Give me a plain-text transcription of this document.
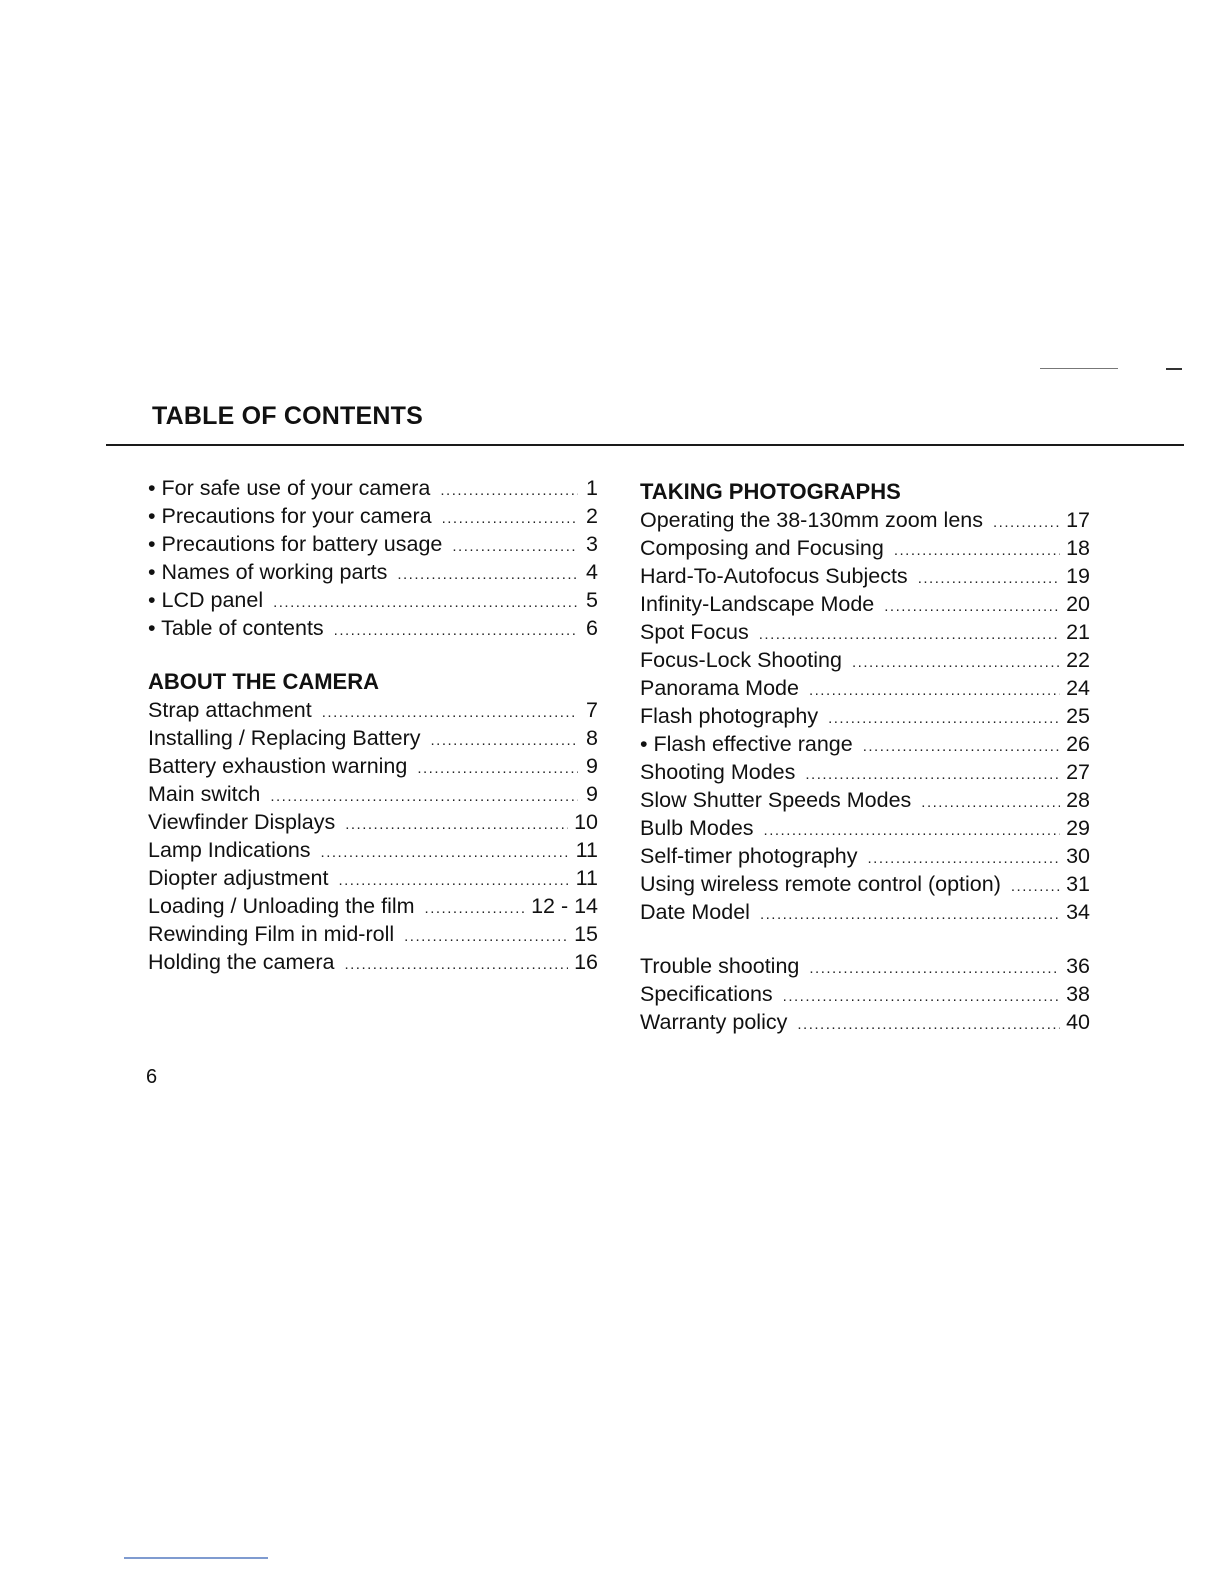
TABLE OF CONTENTS
• For safe use of your camera .....	1
• Precautions for your camera .....	2
• Precautions for battery usage .....	3
• Names of working parts .....	4
• LCD panel .....	5
• Table of contents .....	6
ABOUT THE CAMERA
Strap attachment .....	7
Installing / Replacing Battery .....	8
Battery exhaustion warning .....	9
Main switch .....	9
Viewfinder Displays .....	10
Lamp Indications .....	11
Diopter adjustment .....	11
Loading / Unloading the film .....	12 - 14
Rewinding Film in mid-roll .....	15
Holding the camera .....	16
TAKING PHOTOGRAPHS
Operating the 38-130mm zoom lens .....	17
Composing and Focusing .....	18
Hard-To-Autofocus Subjects .....	19
Infinity-Landscape Mode .....	20
Spot Focus .....	21
Focus-Lock Shooting .....	22
Panorama Mode .....	24
Flash photography .....	25
• Flash effective range .....	26
Shooting Modes .....	27
Slow Shutter Speeds Modes .....	28
Bulb Modes .....	29
Self-timer photography .....	30
Using wireless remote control (option) .....	31
Date Model .....	34
Trouble shooting .....	36
Specifications .....	38
Warranty policy .....	40
6
